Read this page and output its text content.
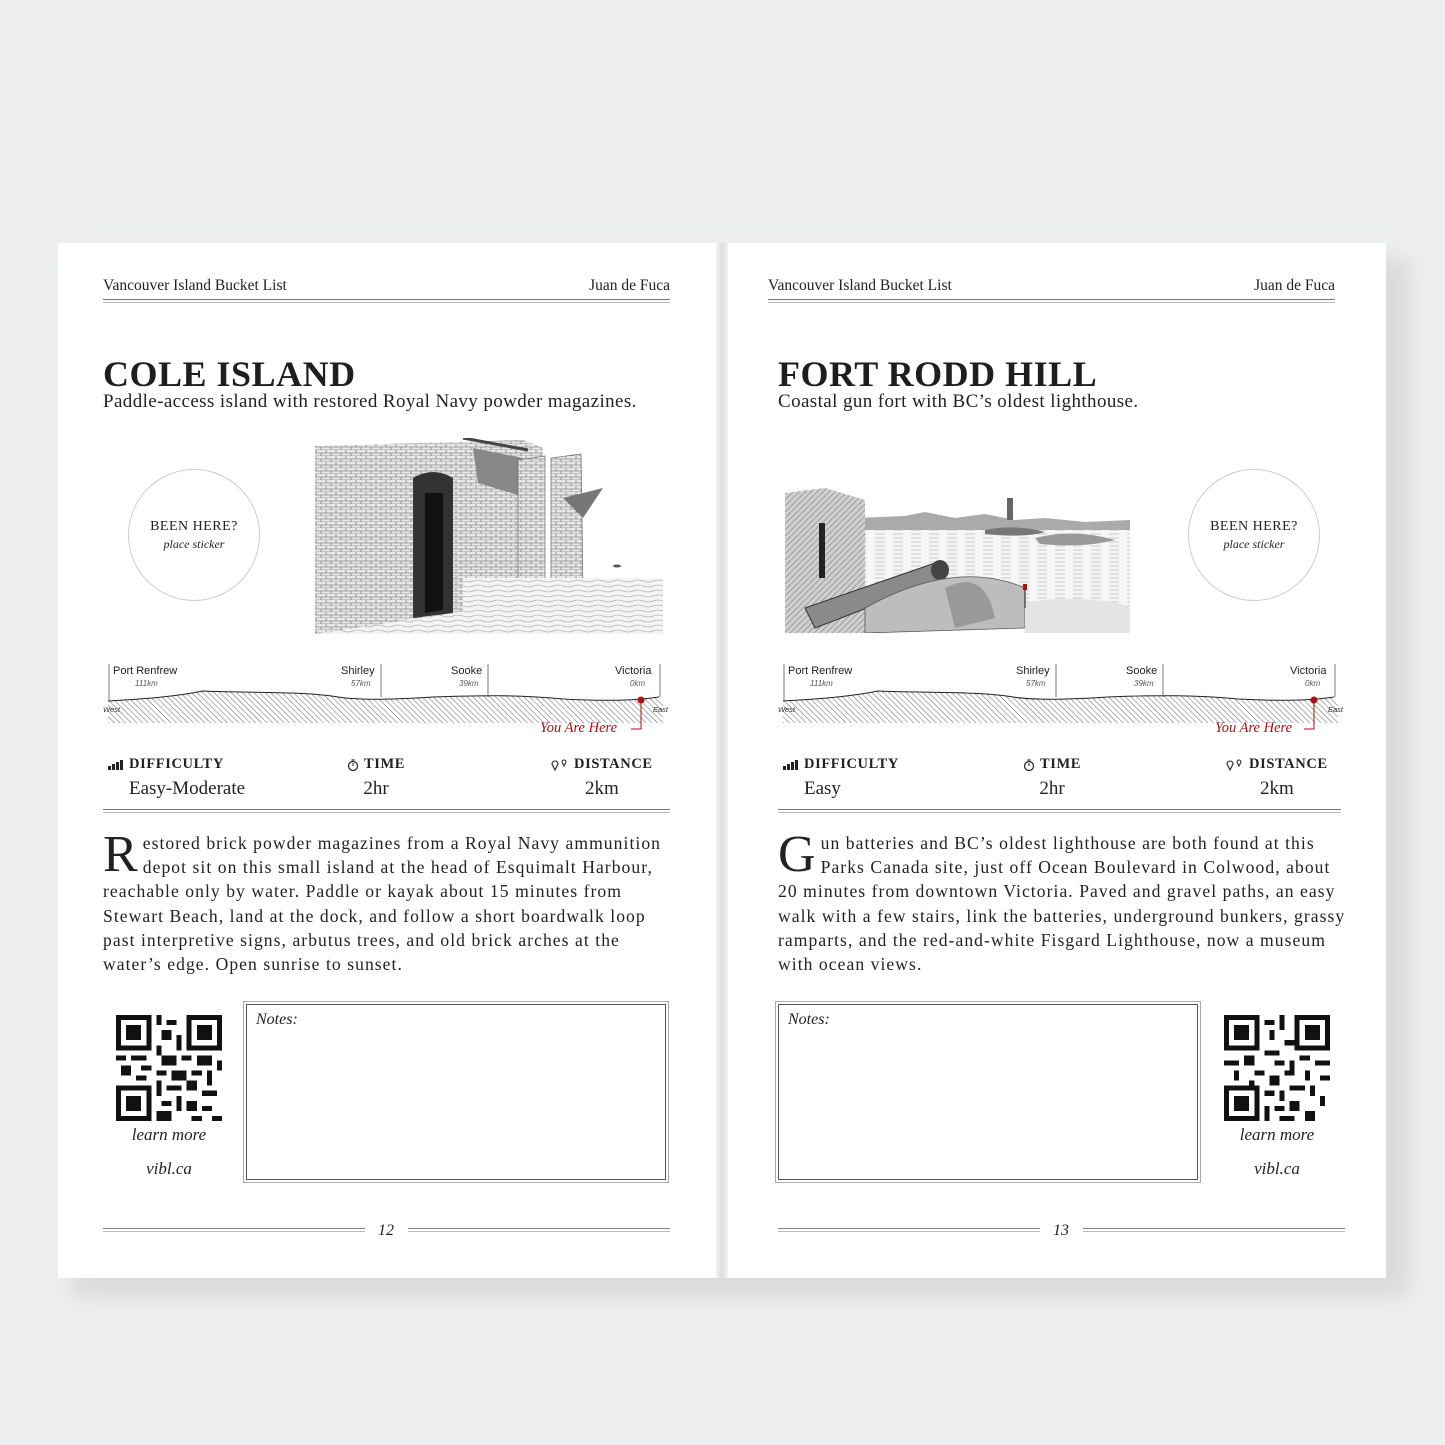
Vancouver Island Bucket List	Juan de Fuca
COLE ISLAND
Paddle-access island with restored Royal Navy powder magazines.
BEEN HERE?
place sticker
Port Renfrew
111km
Shirley
57km
Sooke
39km
Victoria
0km
West	East
You Are Here
DIFFICULTY
Easy-Moderate
TIME
2hr
DISTANCE
2km

Restored brick powder magazines from a Royal Navy ammunition depot sit on this small island at the head of Esquimalt Harbour, reachable only by water. Paddle or kayak about 15 minutes from Stewart Beach, land at the dock, and follow a short boardwalk loop past interpretive signs, arbutus trees, and old brick arches at the water’s edge. Open sunrise to sunset.

learn more
vibl.ca
Notes:
12
Vancouver Island Bucket List	Juan de Fuca
FORT RODD HILL
Coastal gun fort with BC’s oldest lighthouse.
BEEN HERE?
place sticker
Port Renfrew
111km
Shirley
57km
Sooke
39km
Victoria
0km
West	East
You Are Here
DIFFICULTY
Easy
TIME
2hr
DISTANCE
2km

Gun batteries and BC’s oldest lighthouse are both found at this Parks Canada site, just off Ocean Boulevard in Colwood, about 20 minutes from downtown Victoria. Paved and gravel paths, an easy walk with a few stairs, link the batteries, underground bunkers, grassy ramparts, and the red-and-white Fisgard Lighthouse, now a museum with ocean views.

Notes:
learn more
vibl.ca
13
